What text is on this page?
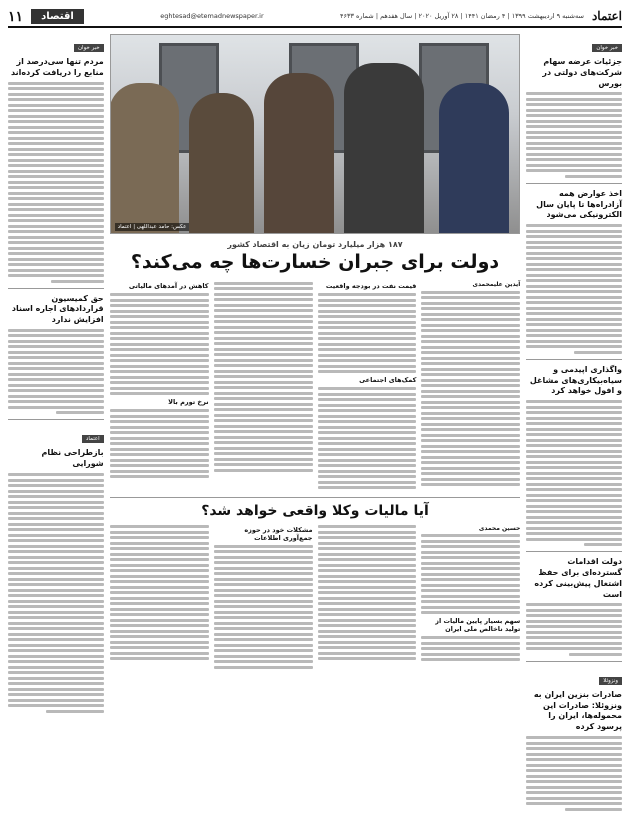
اعتماد
سه‌شنبه ۹ اردیبهشت ۱۳۹۹ | ۴ رمضان ۱۴۴۱ | ۲۸ آوریل ۲۰۲۰ | سال هفدهم | شماره ۴۶۳۳
eghtesad@etemadnewspaper.ir
اقتصاد
۱۱
خبر خوان
جزئيات عرضه سهام شرکت‌های دولتی در بورس
اخذ عوارض همه آزادراه‌ها تا پایان سال الکترونیکی می‌شود
واگذاری اپیدمی‌ و سیاه‌بیکاری‌های مشاغل و افول خواهد کرد
دولت اقدامات گسترده‌ای برای حفظ اشتغال پیش‌بینی کرده است
ونزوئلا
صادرات بنزین ایران به ونزوئلا: صادرات این محموله‌ها، ایران را پرسود کرده
عکس: حامد عبداللهی | اعتماد
۱۸۷ هزار میلیارد تومان زیان به اقتصاد کشور
دولت برای جبران خسارت‌ها چه می‌کند؟
آیدین علیمحمدی
قیمت نفت در بودجه واقعیت
کمک‌های اجتماعی
کاهش در آمدهای مالیاتی
نرخ تورم بالا
آیا مالیات وکلا واقعی خواهد شد؟
حسین محمدی
سهم بسیار پایین مالیات از تولید ناخالص ملی ایران
مشکلات خود در حوزه جمع‌آوری اطلاعات
خبر خوان
مردم تنها سی‌درصد از منابع را دریافت کرده‌اند
حق کمیسیون قراردادهای اجاره اسناد افزایش ندارد
اعتماد
بازطراحی نظام شورایی
